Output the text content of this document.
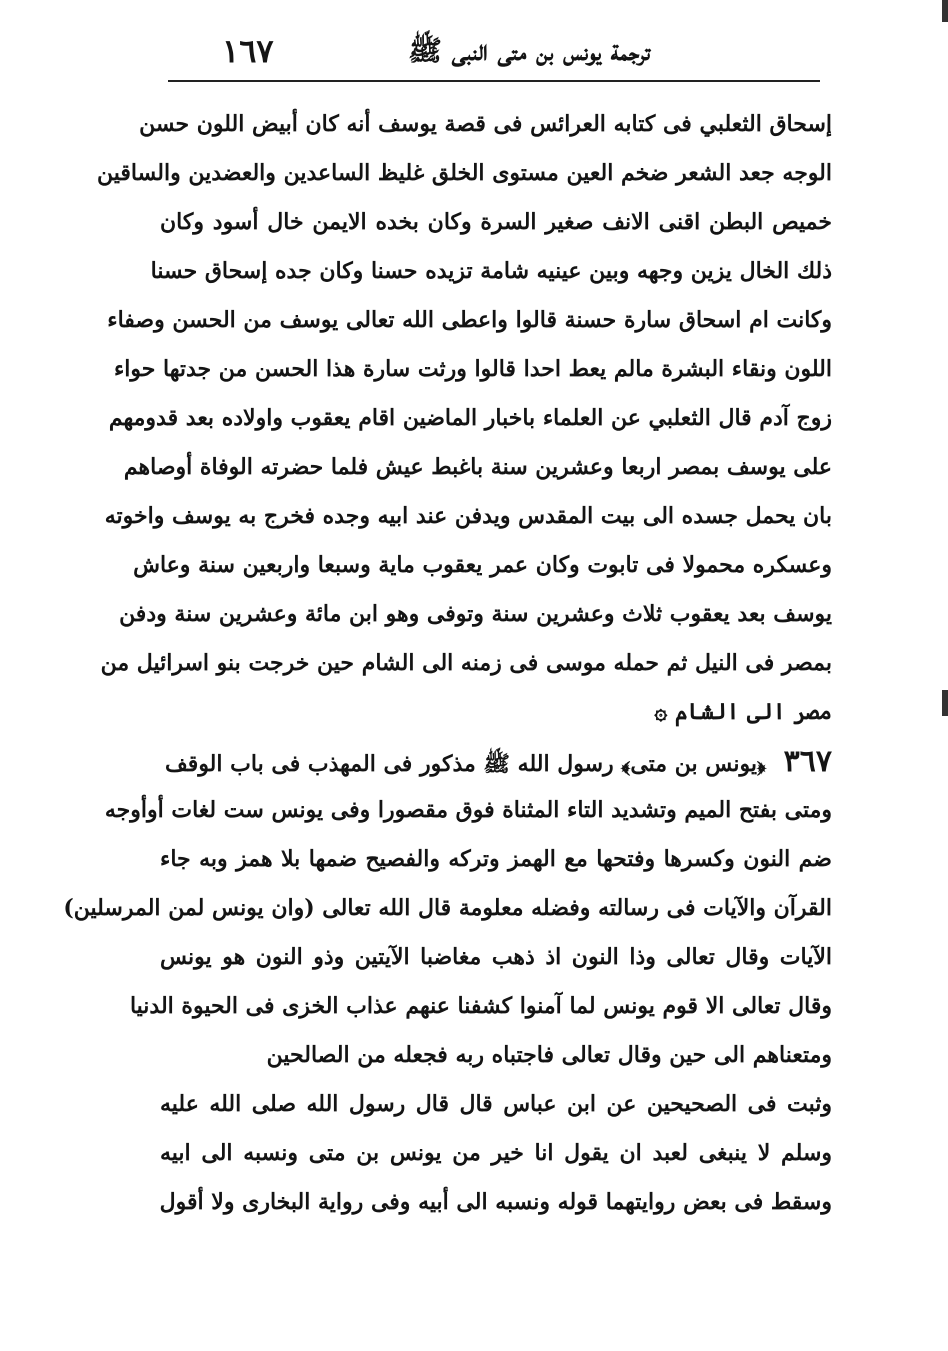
ترجمة يونس بن متى النبى ﷺ
١٦٧
إسحاق الثعلبي فى كتابه العرائس فى قصة يوسف أنه كان أبيض اللون حسن
الوجه جعد الشعر ضخم العين مستوى الخلق غليظ الساعدين والعضدين والساقين
خميص البطن اقنى الانف صغير السرة وكان بخده الايمن خال أسود وكان
ذلك الخال يزين وجهه وبين عينيه شامة تزيده حسنا وكان جده إسحاق حسنا
وكانت ام اسحاق سارة حسنة قالوا واعطى الله تعالى يوسف من الحسن وصفاء
اللون ونقاء البشرة مالم يعط احدا قالوا ورثت سارة هذا الحسن من جدتها حواء
زوج آدم قال الثعلبي عن العلماء باخبار الماضين اقام يعقوب واولاده بعد قدومهم
على يوسف بمصر اربعا وعشرين سنة باغبط عيش فلما حضرته الوفاة أوصاهم
بان يحمل جسده الى بيت المقدس ويدفن عند ابيه وجده فخرج به يوسف واخوته
وعسكره محمولا فى تابوت وكان عمر يعقوب ماية وسبعا واربعين سنة وعاش
يوسف بعد يعقوب ثلاث وعشرين سنة وتوفى وهو ابن مائة وعشرين سنة ودفن
بمصر فى النيل ثم حمله موسى فى زمنه الى الشام حين خرجت بنو اسرائيل من
مصر الى الشام ۞
٣٦٧ ﴿يونس بن متى﴾ رسول الله ﷺ مذكور فى المهذب فى باب الوقف
ومتى بفتح الميم وتشديد التاء المثناة فوق مقصورا وفى يونس ست لغات أوأوجه
ضم النون وكسرها وفتحها مع الهمز وتركه والفصيح ضمها بلا همز وبه جاء
القرآن والآيات فى رسالته وفضله معلومة قال الله تعالى (وان يونس لمن المرسلين)
الآيات وقال تعالى وذا النون اذ ذهب مغاضبا الآيتين وذو النون هو يونس
وقال تعالى الا قوم يونس لما آمنوا كشفنا عنهم عذاب الخزى فى الحيوة الدنيا
ومتعناهم الى حين وقال تعالى فاجتباه ربه فجعله من الصالحين
وثبت فى الصحيحين عن ابن عباس قال قال رسول الله صلى الله عليه
وسلم لا ينبغى لعبد ان يقول انا خير من يونس بن متى ونسبه الى ابيه
وسقط فى بعض روايتهما قوله ونسبه الى أبيه وفى رواية البخارى ولا أقول
